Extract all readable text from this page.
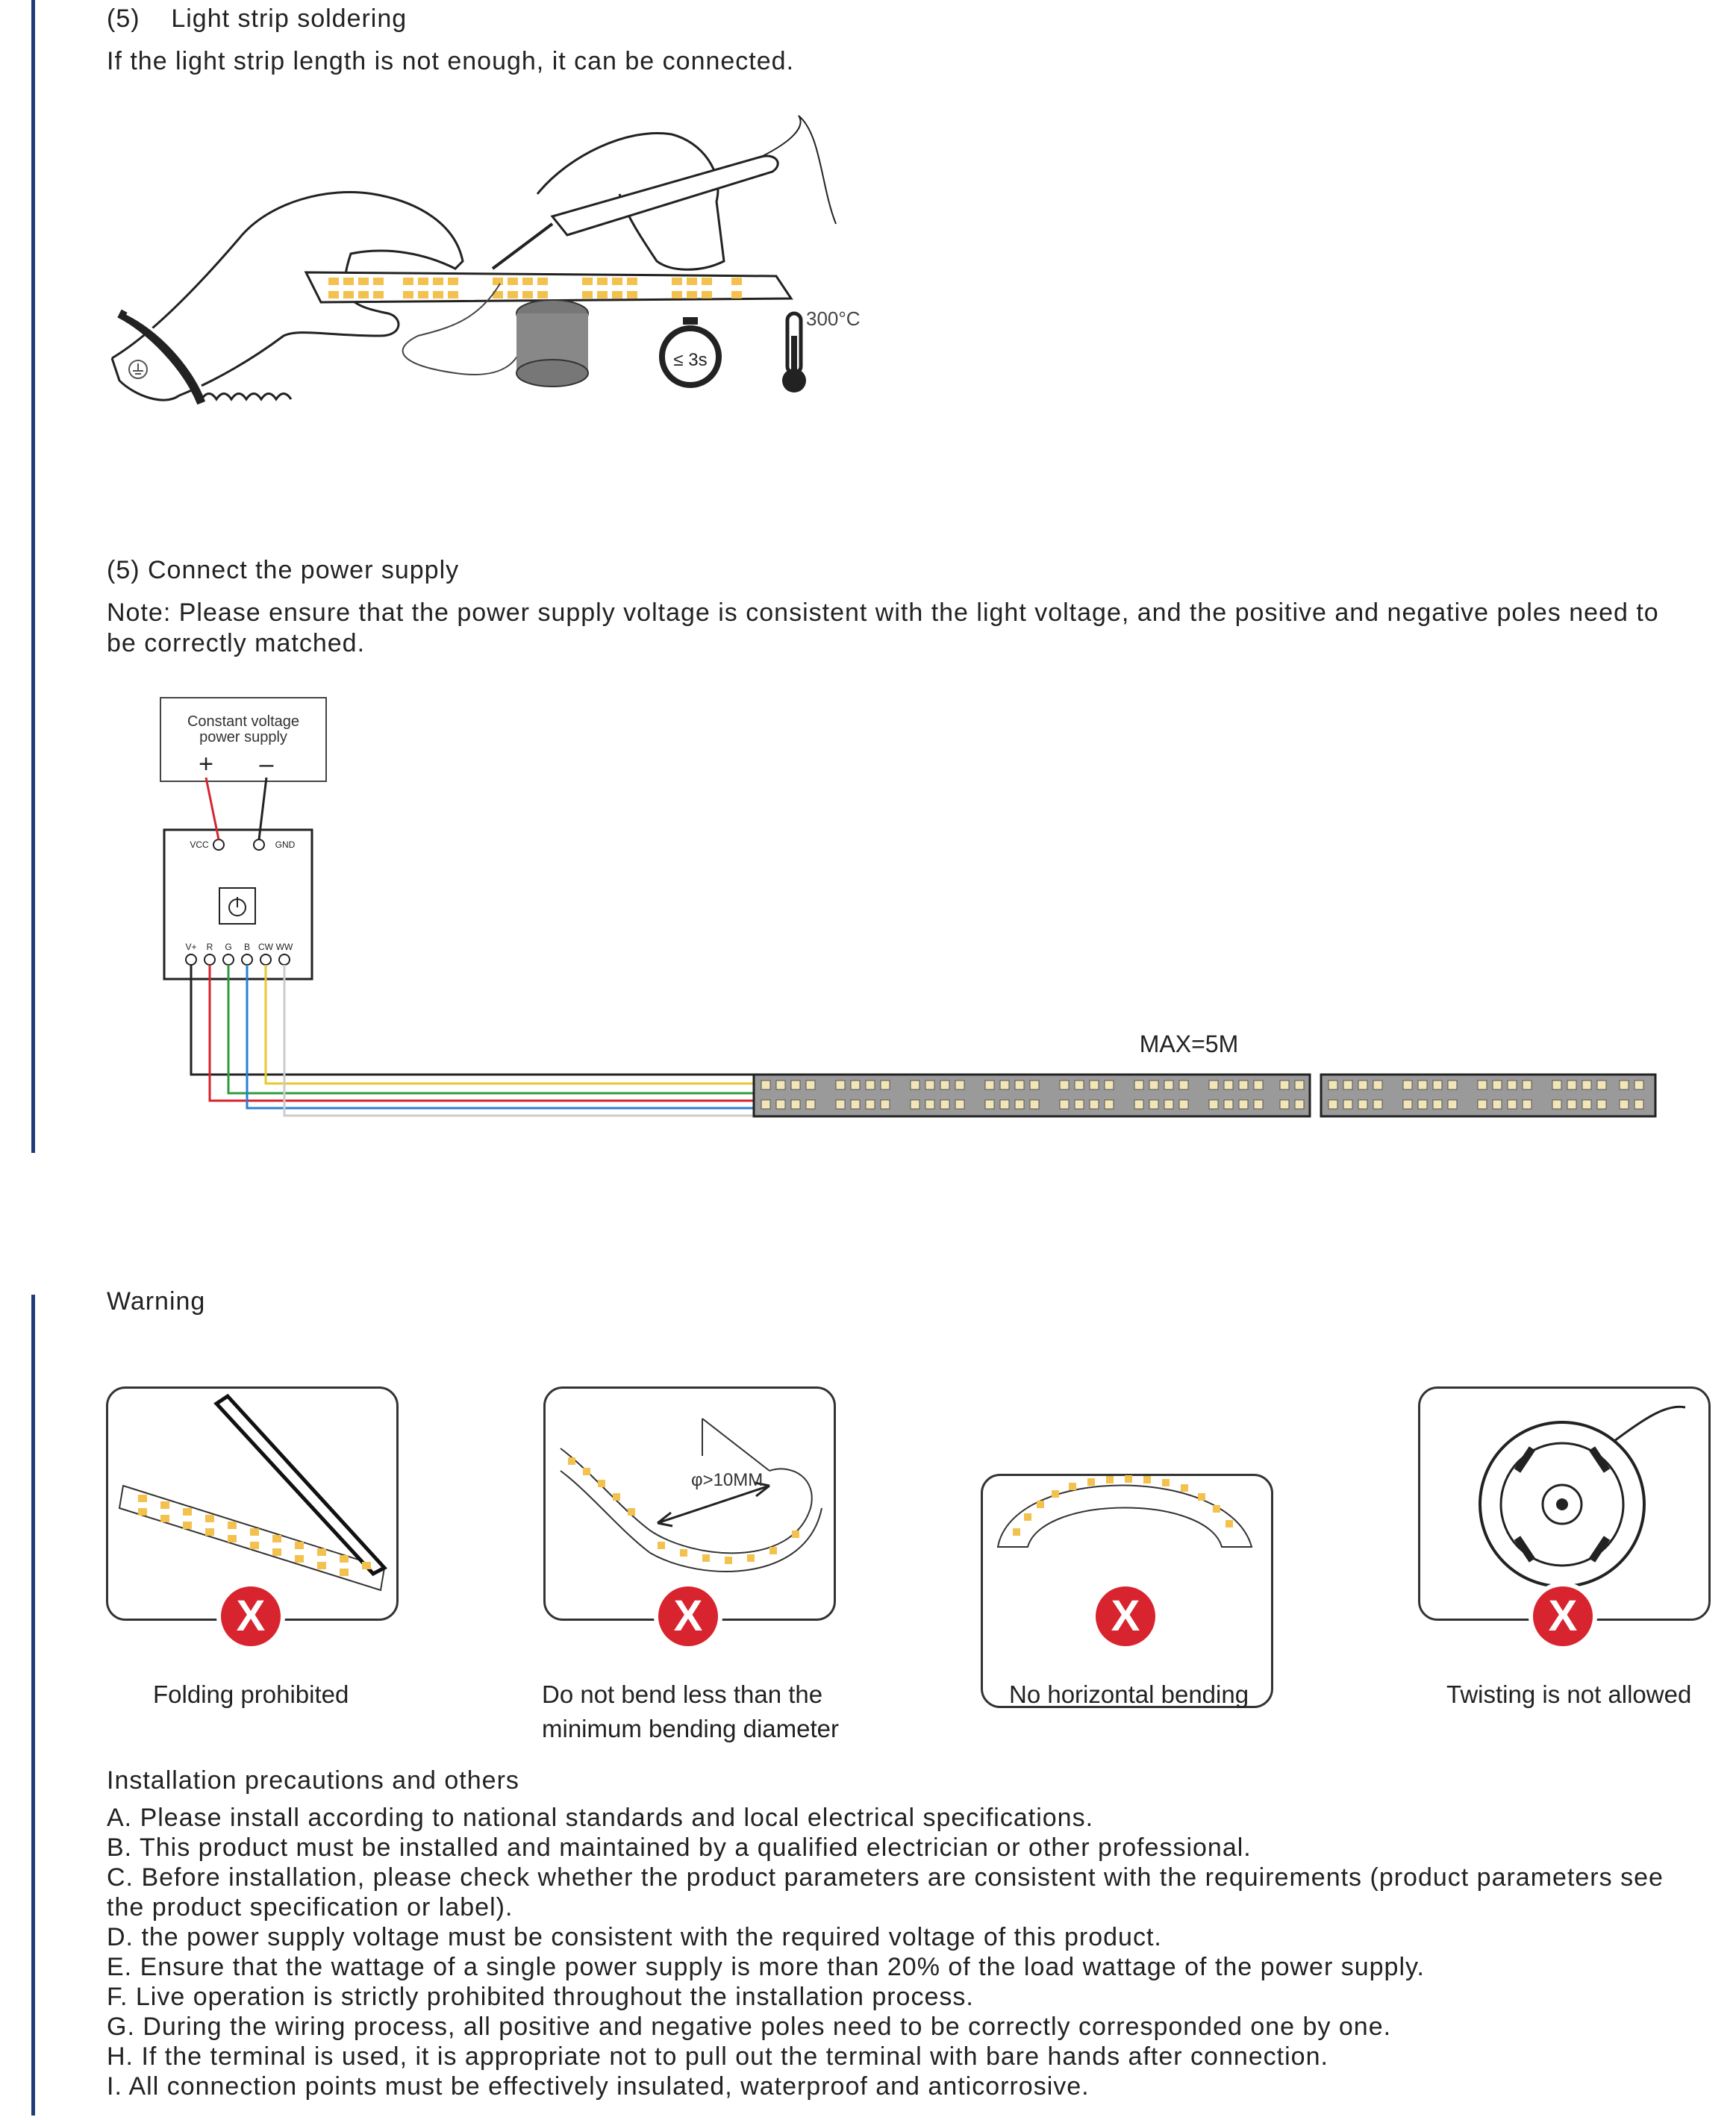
(5)    Light strip soldering
If the light strip length is not enough, it can be connected.
≤ 3s
300°C
(5) Connect the power supply
Note: Please ensure that the power supply voltage is consistent with the light voltage, and the positive and negative poles need to be correctly matched.
Constant voltage
power supply
+ –
VCC	GND
V+ R G B CW WW
MAX=5M
Warning
X
Folding prohibited
φ>10MM
X
Do not bend less than the minimum bending diameter
X
No horizontal bending
X
Twisting is not allowed
Installation precautions and others
A. Please install according to national standards and local electrical specifications.
B. This product must be installed and maintained by a qualified electrician or other professional.
C. Before installation, please check whether the product parameters are consistent with the requirements (product parameters see the product specification or label).
D. the power supply voltage must be consistent with the required voltage of this product.
E. Ensure that the wattage of a single power supply is more than 20% of the load wattage of the power supply.
F. Live operation is strictly prohibited throughout the installation process.
G. During the wiring process, all positive and negative poles need to be correctly corresponded one by one.
H. If the terminal is used, it is appropriate not to pull out the terminal with bare hands after connection.
I. All connection points must be effectively insulated, waterproof and anticorrosive.
